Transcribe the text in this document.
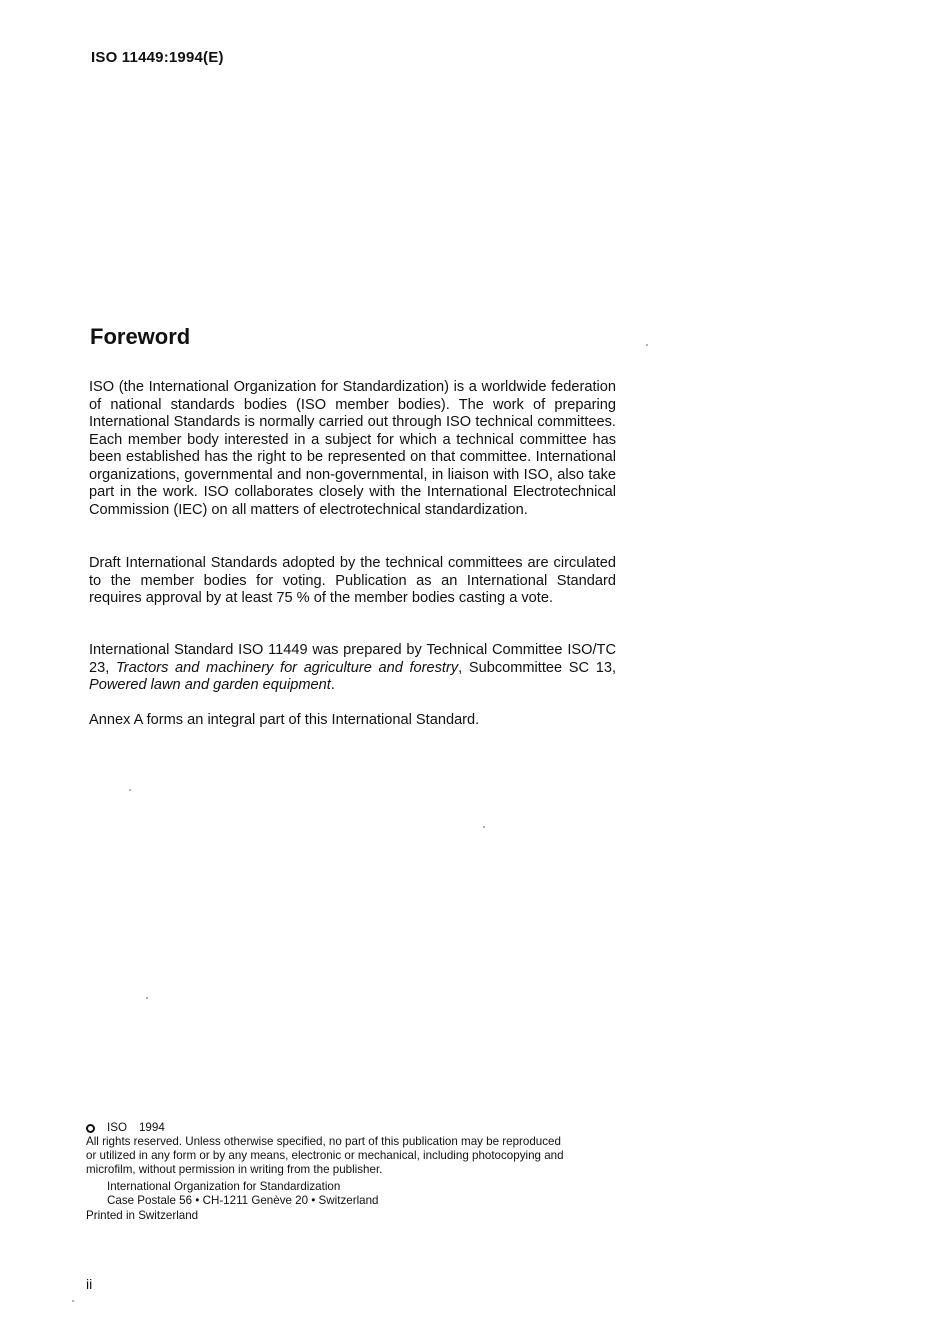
ISO 11449:1994(E)
Foreword

ISO (the International Organization for Standardization) is a worldwide federation of national standards bodies (ISO member bodies). The work of preparing International Standards is normally carried out through ISO technical committees. Each member body interested in a subject for which a technical committee has been established has the right to be represented on that committee. International organizations, governmental and non-governmental, in liaison with ISO, also take part in the work. ISO collaborates closely with the International Electrotechnical Commission (IEC) on all matters of electrotechnical standardization.

Draft International Standards adopted by the technical committees are circulated to the member bodies for voting. Publication as an International Standard requires approval by at least 75 % of the member bodies casting a vote.

International Standard ISO 11449 was prepared by Technical Committee ISO/TC 23, Tractors and machinery for agriculture and forestry, Subcommittee SC 13, Powered lawn and garden equipment.

Annex A forms an integral part of this International Standard.

ISO 1994
All rights reserved. Unless otherwise specified, no part of this publication may be reproduced
or utilized in any form or by any means, electronic or mechanical, including photocopying and
microfilm, without permission in writing from the publisher.
International Organization for Standardization
Case Postale 56 • CH-1211 Genève 20 • Switzerland
Printed in Switzerland
ii
